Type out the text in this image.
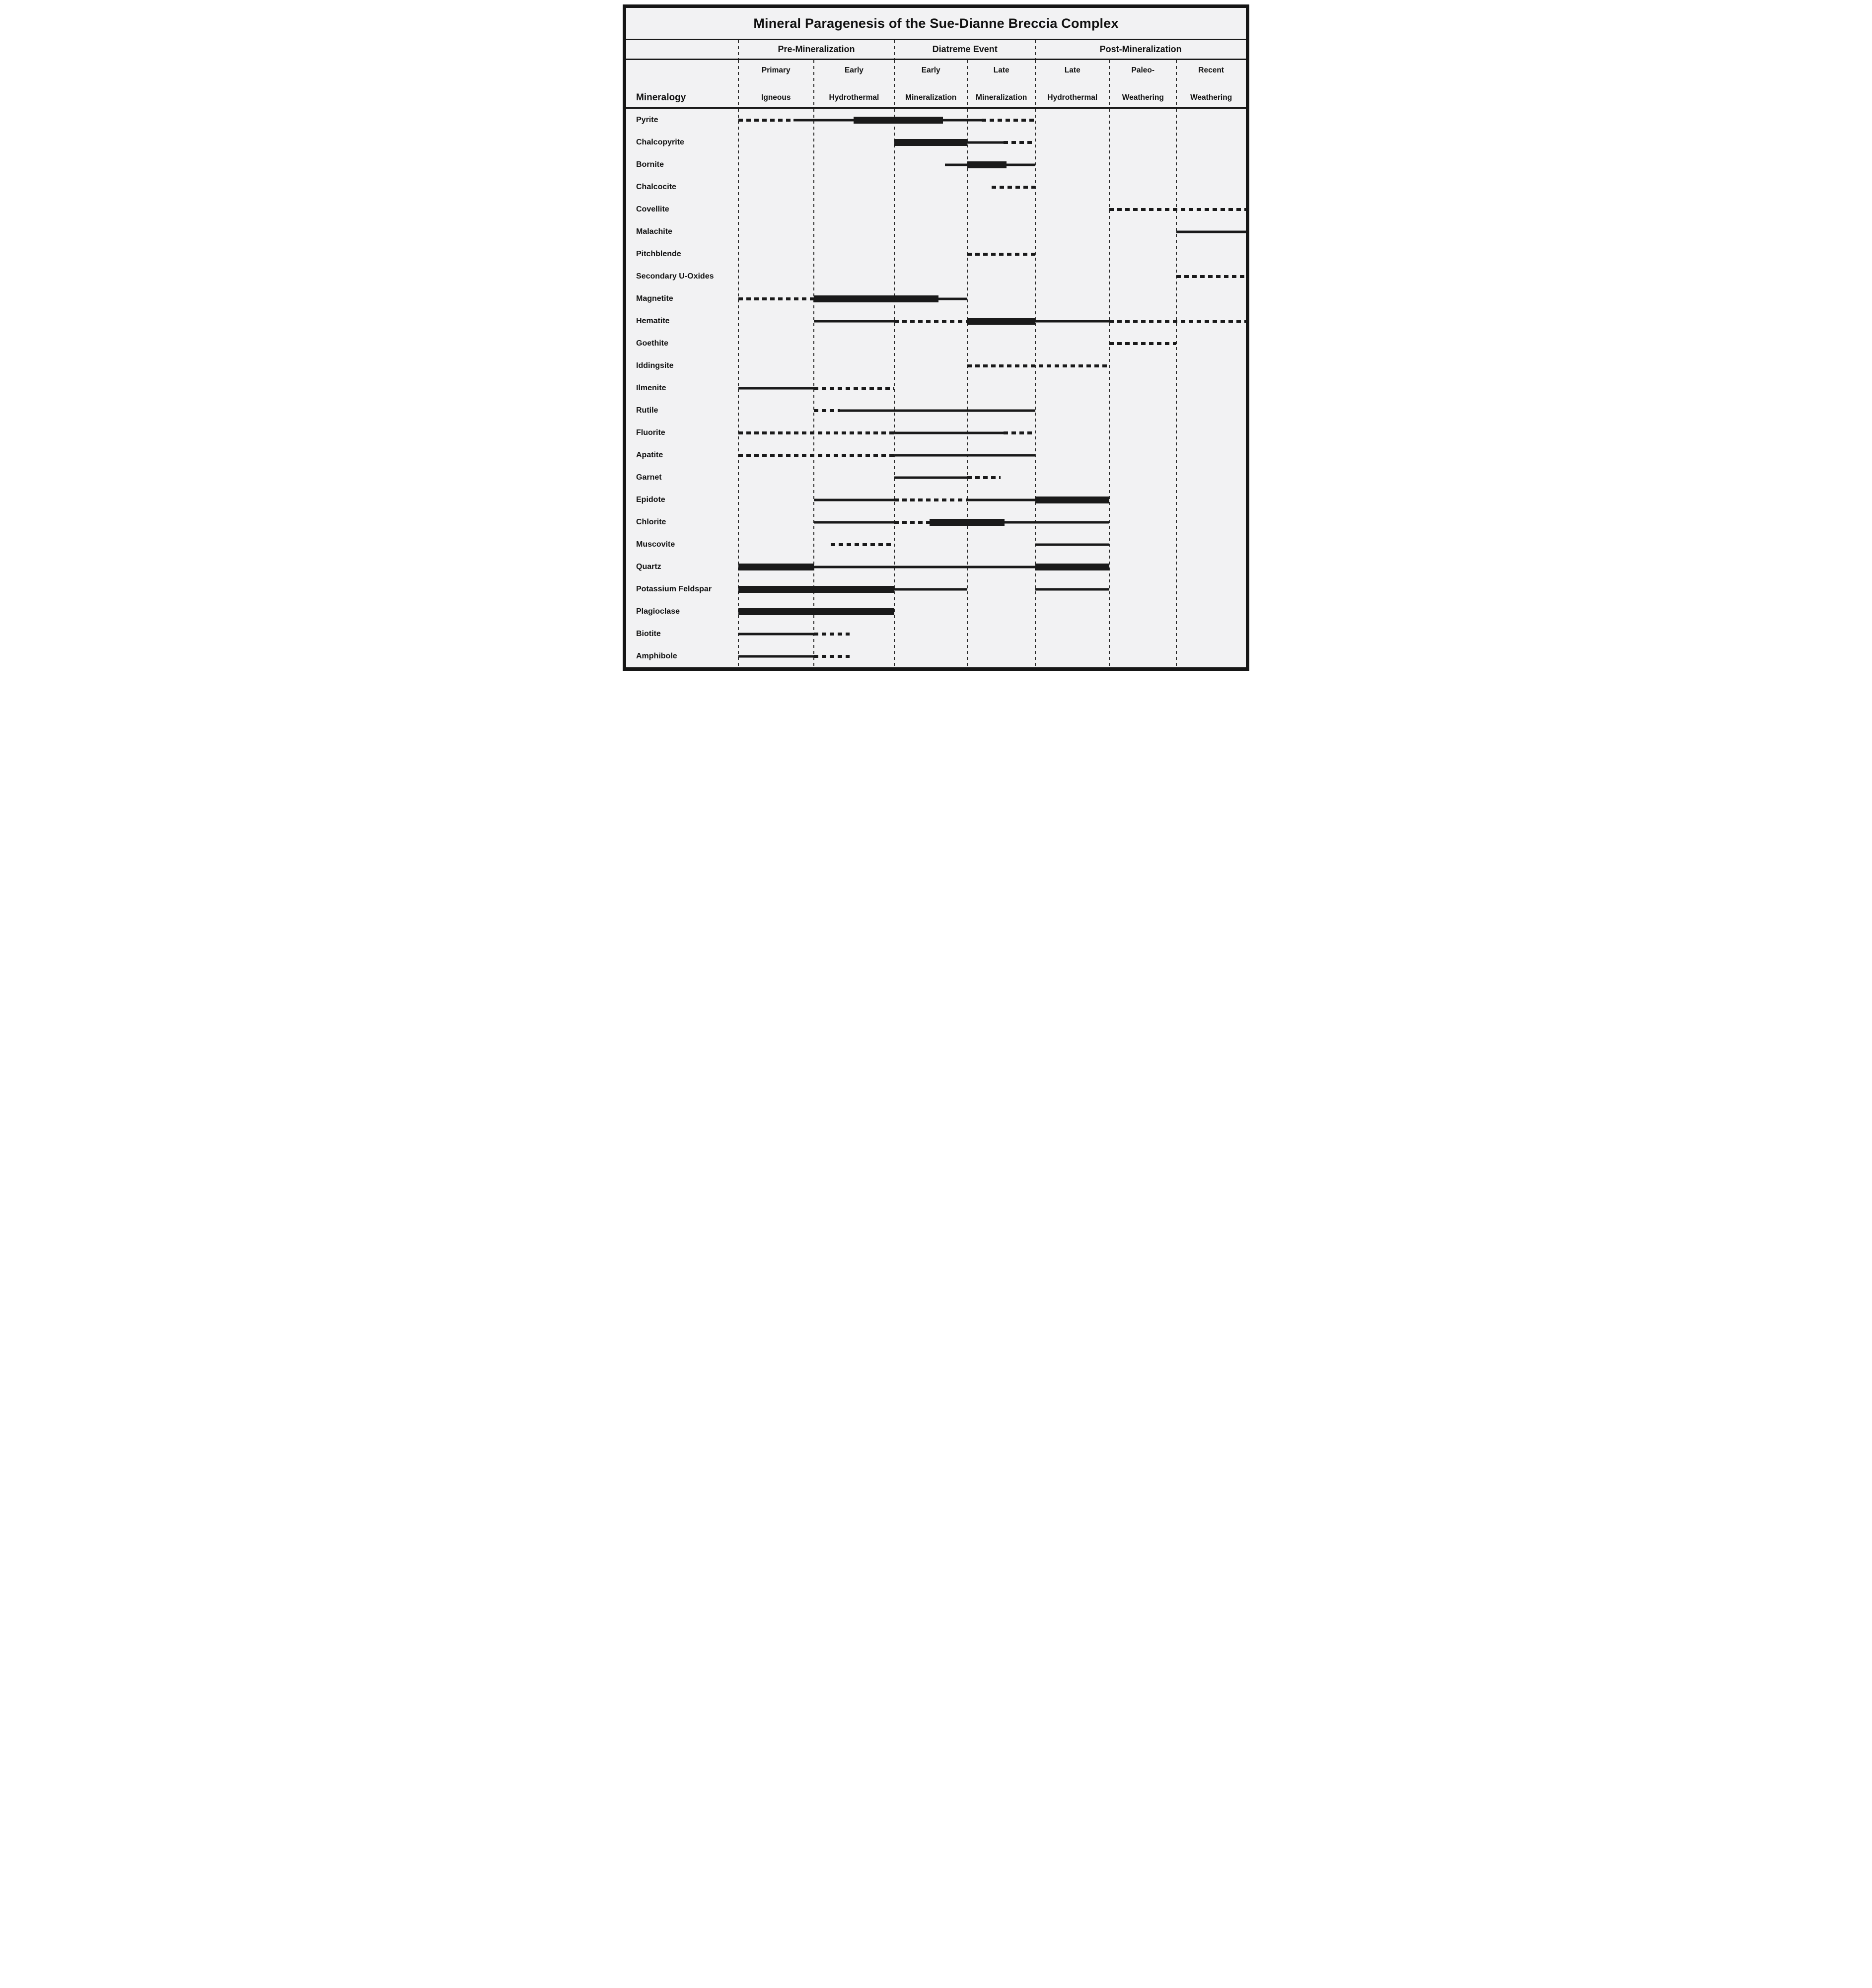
Mineral Paragenesis of the Sue-Dianne Breccia Complex
Pre-Mineralization	Diatreme Event	Post-Mineralization
Mineralogy
Primary
Igneous
Early
Hydrothermal
Early
Mineralization
Late
Mineralization
Late
Hydrothermal
Paleo-
Weathering
Recent
Weathering
Pyrite
Chalcopyrite
Bornite
Chalcocite
Covellite
Malachite
Pitchblende
Secondary U-Oxides
Magnetite
Hematite
Goethite
Iddingsite
Ilmenite
Rutile
Fluorite
Apatite
Garnet
Epidote
Chlorite
Muscovite
Quartz
Potassium Feldspar
Plagioclase
Biotite
Amphibole
